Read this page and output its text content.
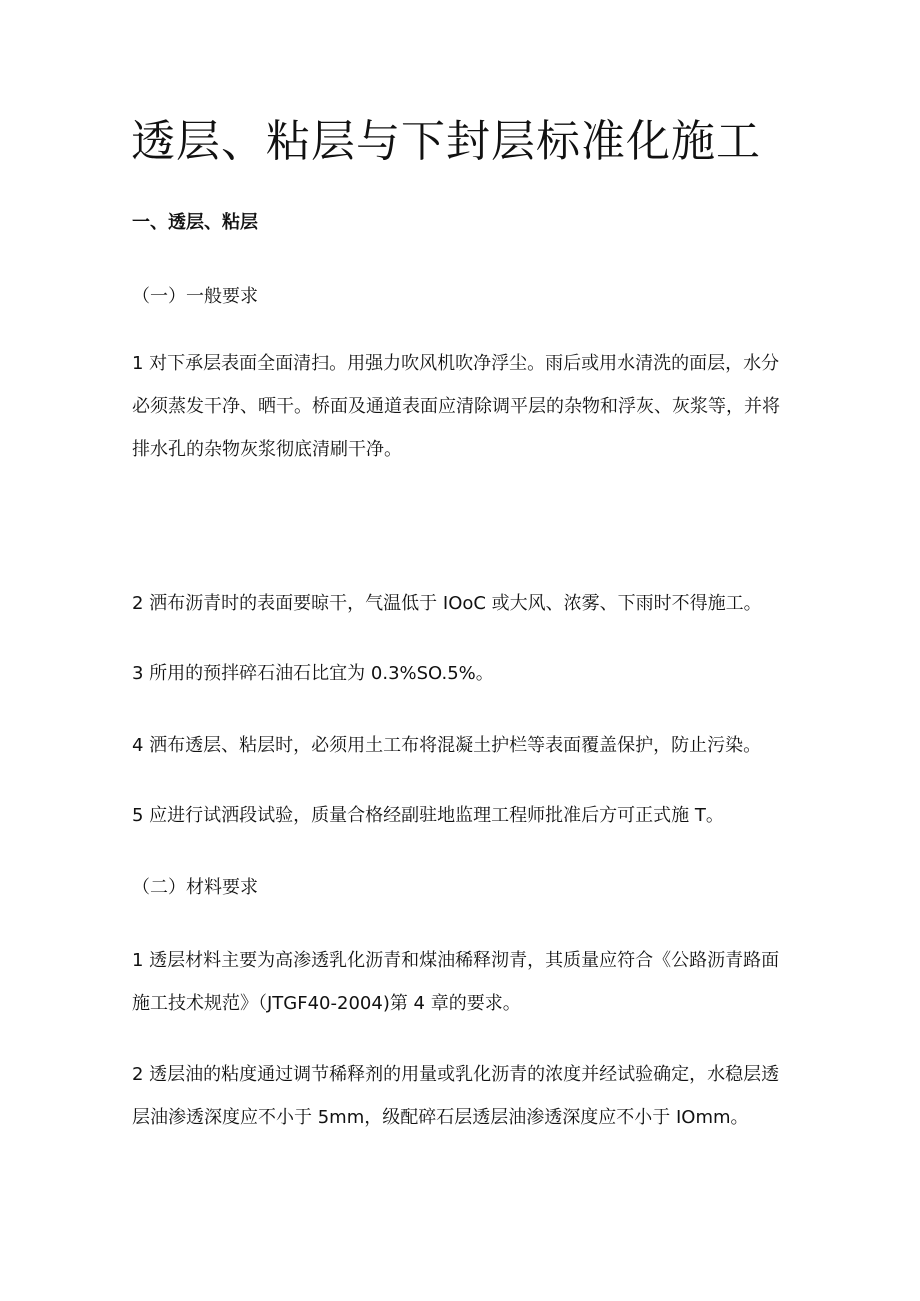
透层、粘层与下封层标准化施工
一、透层、粘层
（一）一般要求
1 对下承层表面全面清扫。用强力吹风机吹净浮尘。雨后或用水清洗的面层，水分
必须蒸发干净、晒干。桥面及通道表面应清除调平层的杂物和浮灰、灰浆等，并将
排水孔的杂物灰浆彻底清刷干净。
2 洒布沥青时的表面要晾干，气温低于 IOoC 或大风、浓雾、下雨时不得施工。
3 所用的预拌碎石油石比宜为 0.3%SO.5%。
4 洒布透层、粘层时，必须用土工布将混凝土护栏等表面覆盖保护，防止污染。
5 应进行试洒段试验，质量合格经副驻地监理工程师批准后方可正式施 T。
（二）材料要求
1 透层材料主要为高渗透乳化沥青和煤油稀释沏青，其质量应符合《公路沥青路面
施工技术规范》（JTGF40-2004)第 4 章的要求。
2 透层油的粘度通过调节稀释剂的用量或乳化沥青的浓度并经试验确定，水稳层透
层油渗透深度应不小于 5mm，级配碎石层透层油渗透深度应不小于 IOmm。
